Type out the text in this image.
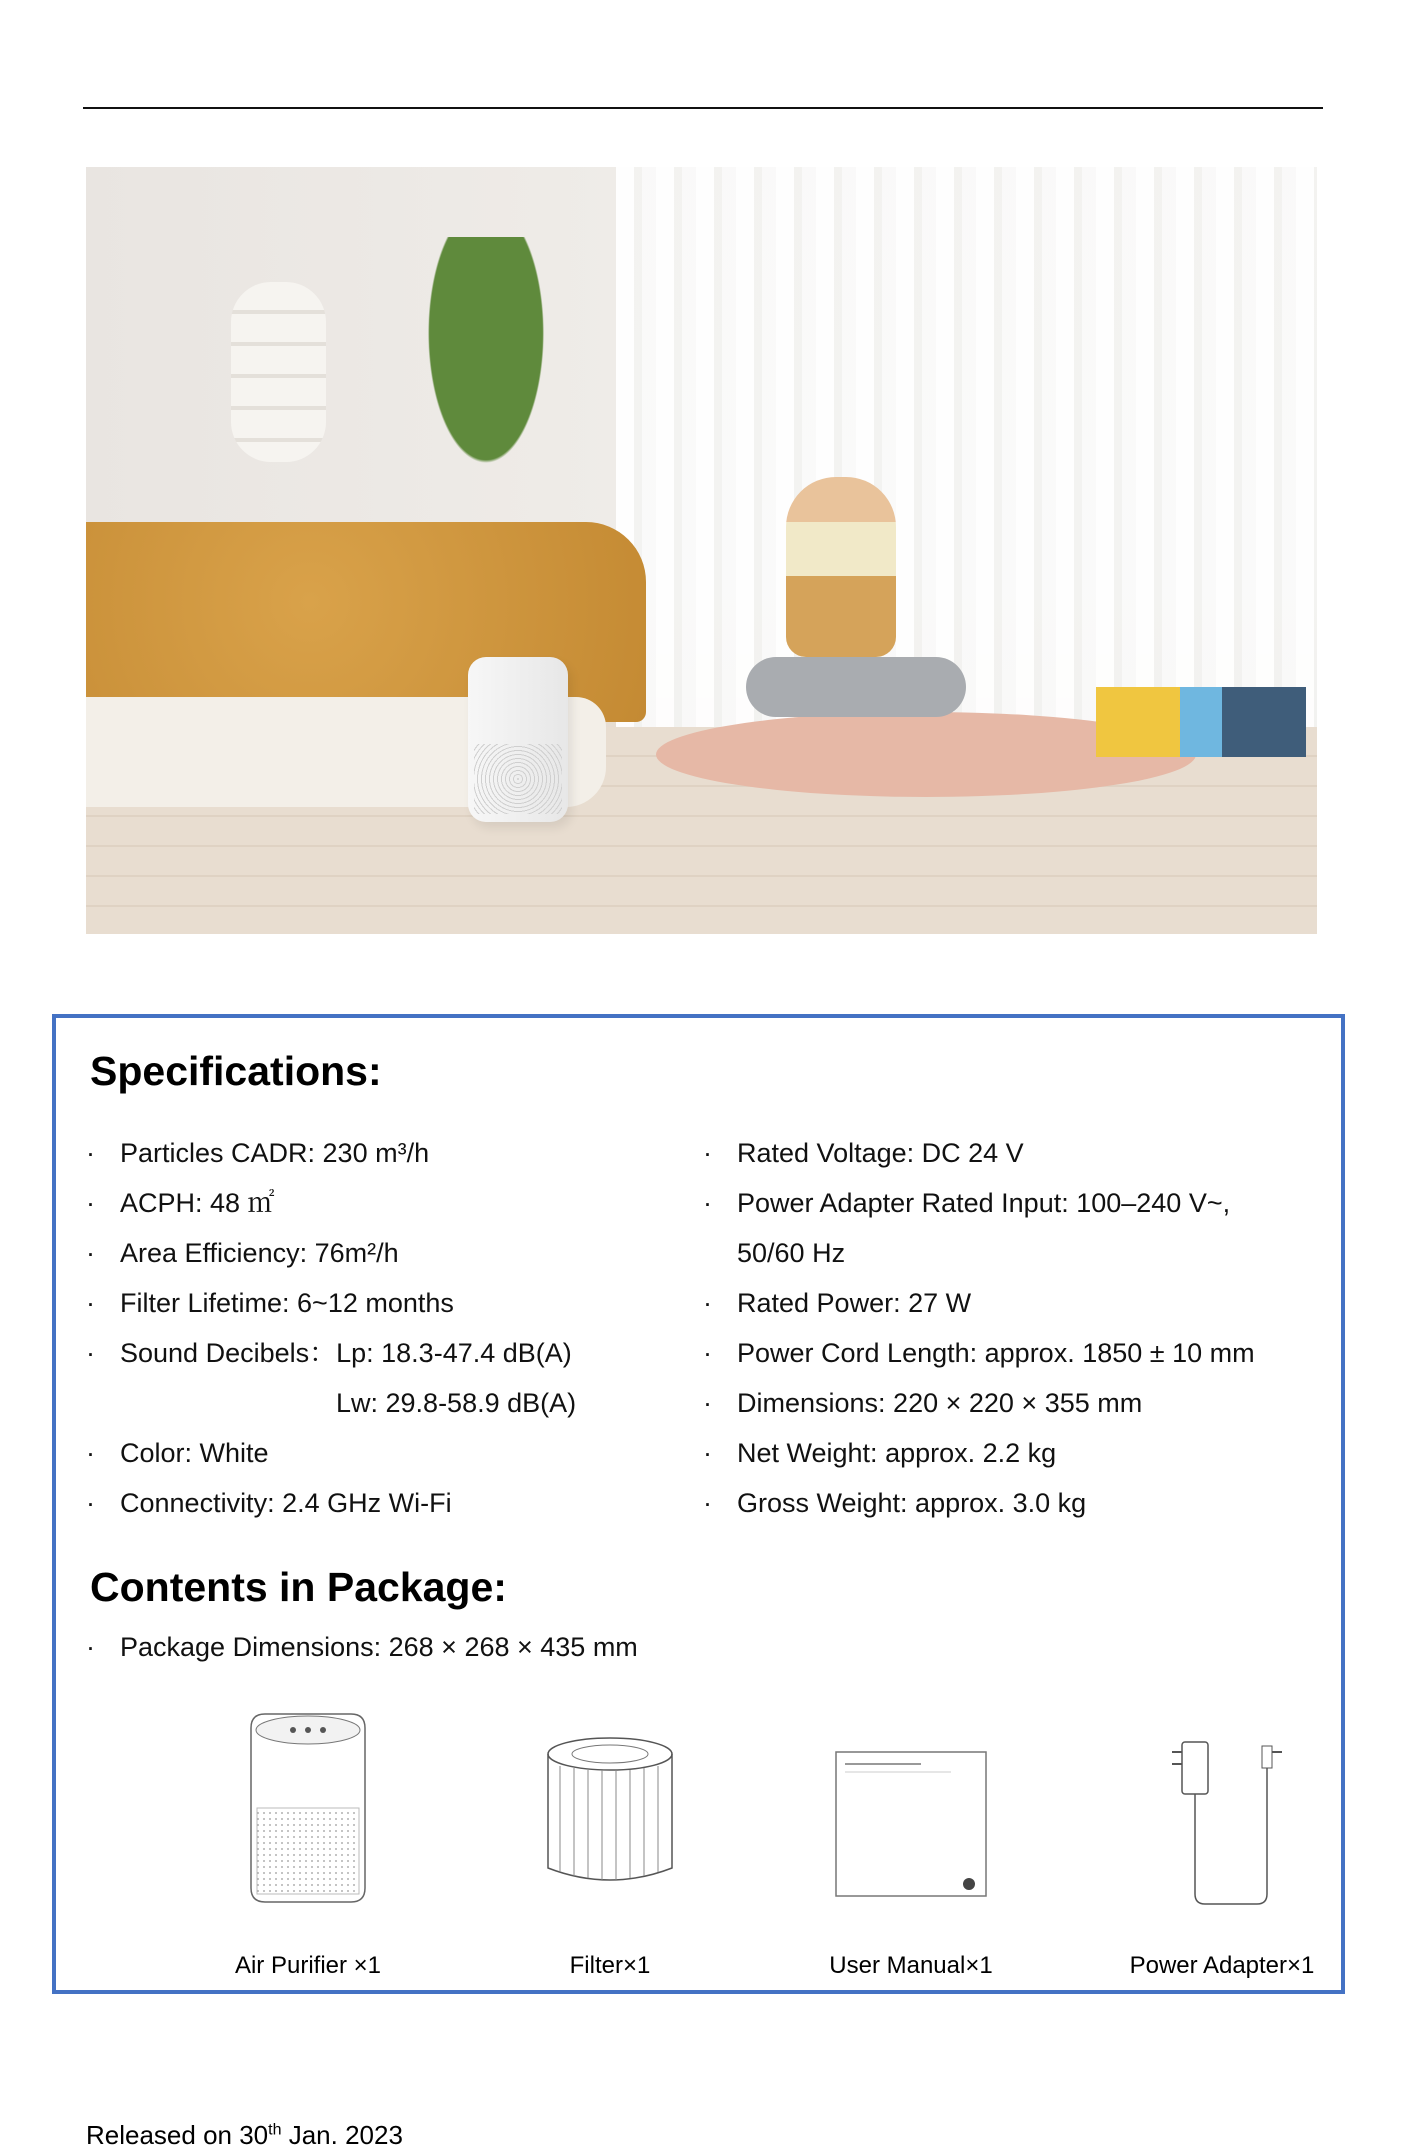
Specifications:
· Particles CADR: 230 m³/h
· ACPH: 48 ㎡
· Area Efficiency: 76m²/h
· Filter Lifetime: 6~12 months
· Sound Decibels：Lp: 18.3-47.4 dB(A)
Lw: 29.8-58.9 dB(A)
· Color: White
· Connectivity: 2.4 GHz Wi-Fi
· Rated Voltage: DC 24 V
· Power Adapter Rated Input: 100–240 V~,
50/60 Hz
· Rated Power: 27 W
· Power Cord Length: approx. 1850 ± 10 mm
· Dimensions: 220 × 220 × 355 mm
· Net Weight: approx. 2.2 kg
· Gross Weight: approx. 3.0 kg
Contents in Package:
· Package Dimensions: 268 × 268 × 435 mm
Air Purifier ×1	Filter×1	User Manual×1	Power Adapter×1
Released on 30th Jan. 2023
